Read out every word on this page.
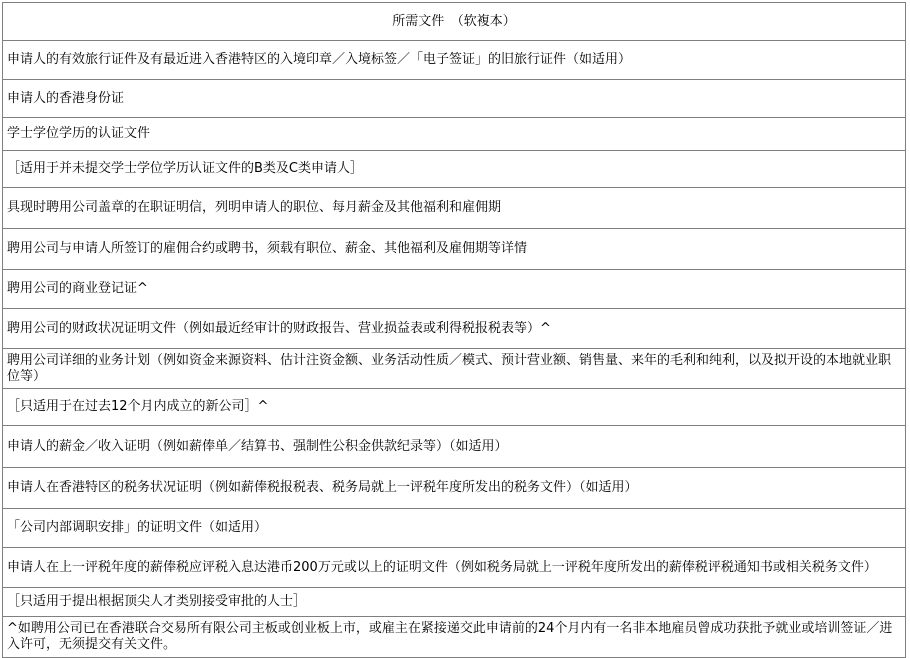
所需文件　（软複本）
申请人的有效旅行证件及有最近进入香港特区的入境印章／入境标签／「电子签证」的旧旅行证件（如适用）
申请人的香港身份证
学士学位学历的认证文件
［适用于并未提交学士学位学历认证文件的B类及C类申请人］
具现时聘用公司盖章的在职证明信，列明申请人的职位、每月薪金及其他福利和雇佣期
聘用公司与申请人所签订的雇佣合约或聘书，须载有职位、薪金、其他福利及雇佣期等详情
聘用公司的商业登记证^
聘用公司的财政状况证明文件（例如最近经审计的财政报告、营业损益表或利得税报税表等）^
聘用公司详细的业务计划（例如资金来源资料、估计注资金额、业务活动性质／模式、预计营业额、销售量、来年的毛利和纯利，以及拟开设的本地就业职位等）
［只适用于在过去12个月内成立的新公司］^
申请人的薪金／收入证明（例如薪俸单／结算书、强制性公积金供款纪录等）（如适用）
申请人在香港特区的税务状况证明（例如薪俸税报税表、税务局就上一评税年度所发出的税务文件）（如适用）
「公司内部调职安排」的证明文件（如适用）
申请人在上一评税年度的薪俸税应评税入息达港币200万元或以上的证明文件（例如税务局就上一评税年度所发出的薪俸税评税通知书或相关税务文件）
［只适用于提出根据顶尖人才类别接受审批的人士］
^如聘用公司已在香港联合交易所有限公司主板或创业板上市，或雇主在紧接递交此申请前的24个月内有一名非本地雇员曾成功获批予就业或培训签证／进入许可，无须提交有关文件。
